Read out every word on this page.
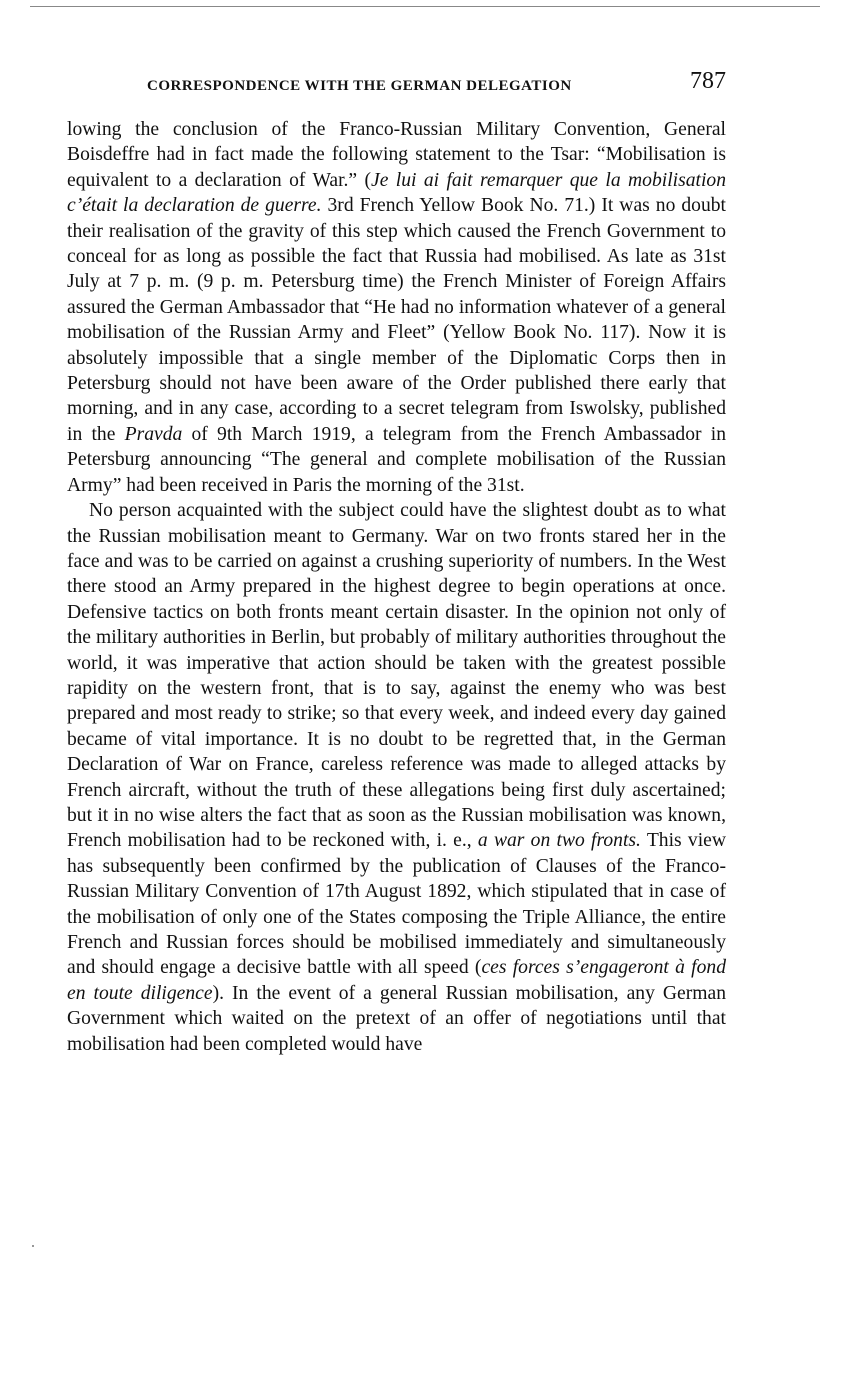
CORRESPONDENCE WITH THE GERMAN DELEGATION	787

lowing the conclusion of the Franco-Russian Military Convention, General Boisdeffre had in fact made the following statement to the Tsar: “Mobilisation is equivalent to a declaration of War.” (Je lui ai fait remarquer que la mobilisation c’était la declaration de guerre. 3rd French Yellow Book No. 71.) It was no doubt their realisation of the gravity of this step which caused the French Government to conceal for as long as possible the fact that Russia had mobilised. As late as 31st July at 7 p. m. (9 p. m. Petersburg time) the French Minister of Foreign Affairs assured the German Ambassador that “He had no information whatever of a general mobilisation of the Russian Army and Fleet” (Yellow Book No. 117). Now it is absolutely impossible that a single member of the Diplomatic Corps then in Petersburg should not have been aware of the Order published there early that morning, and in any case, according to a secret telegram from Iswolsky, published in the Pravda of 9th March 1919, a telegram from the French Ambassador in Petersburg announcing “The general and complete mobilisation of the Russian Army” had been received in Paris the morning of the 31st.

No person acquainted with the subject could have the slightest doubt as to what the Russian mobilisation meant to Germany. War on two fronts stared her in the face and was to be carried on against a crushing superiority of numbers. In the West there stood an Army prepared in the highest degree to begin operations at once. Defensive tactics on both fronts meant certain disaster. In the opinion not only of the military authorities in Berlin, but probably of military authorities throughout the world, it was imperative that action should be taken with the greatest possible rapidity on the western front, that is to say, against the enemy who was best prepared and most ready to strike; so that every week, and indeed every day gained became of vital importance. It is no doubt to be regretted that, in the German Declaration of War on France, careless reference was made to alleged attacks by French aircraft, without the truth of these allegations being first duly ascertained; but it in no wise alters the fact that as soon as the Russian mobilisation was known, French mobilisation had to be reckoned with, i. e., a war on two fronts. This view has subsequently been confirmed by the publication of Clauses of the Franco-Russian Military Convention of 17th August 1892, which stipulated that in case of the mobilisation of only one of the States composing the Triple Alliance, the entire French and Russian forces should be mobilised immediately and simultaneously and should engage a decisive battle with all speed (ces forces s’engageront à fond en toute diligence). In the event of a general Russian mobilisation, any German Government which waited on the pretext of an offer of negotiations until that mobilisation had been completed would have
